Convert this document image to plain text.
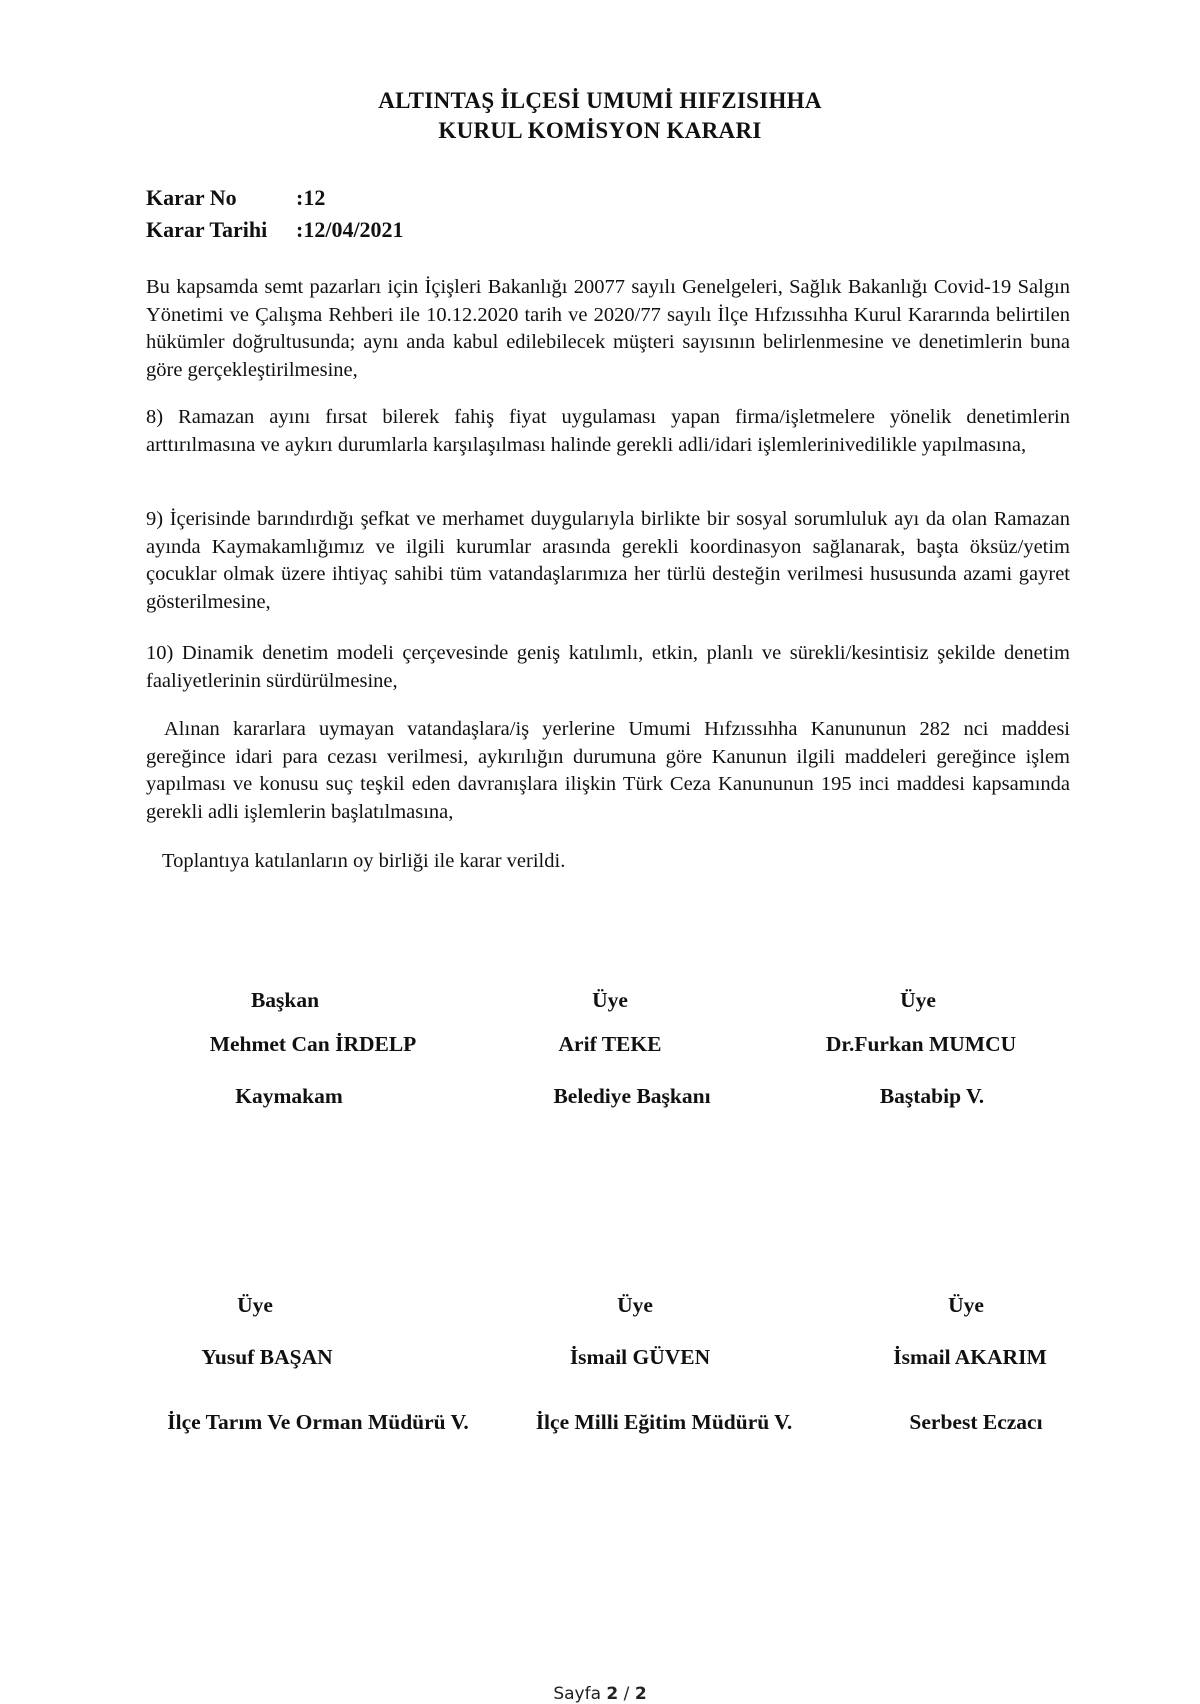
ALTINTAŞ İLÇESİ UMUMİ HIFZISIHHA
KURUL KOMİSYON KARARI
Karar No	:12
Karar Tarihi :12/04/2021

Bu kapsamda semt pazarları için İçişleri Bakanlığı 20077 sayılı Genelgeleri, Sağlık Bakanlığı Covid-19 Salgın Yönetimi ve Çalışma Rehberi ile 10.12.2020 tarih ve 2020/77 sayılı İlçe Hıfzıssıhha Kurul Kararında belirtilen hükümler doğrultusunda; aynı anda kabul edilebilecek müşteri sayısının belirlenmesine ve denetimlerin buna göre gerçekleştirilmesine,

8) Ramazan ayını fırsat bilerek fahiş fiyat uygulaması yapan firma/işletmelere yönelik denetimlerin arttırılmasına ve aykırı durumlarla karşılaşılması halinde gerekli adli/idari işlemlerinivedilikle yapılmasına,

9) İçerisinde barındırdığı şefkat ve merhamet duygularıyla birlikte bir sosyal sorumluluk ayı da olan Ramazan ayında Kaymakamlığımız ve ilgili kurumlar arasında gerekli koordinasyon sağlanarak, başta öksüz/yetim çocuklar olmak üzere ihtiyaç sahibi tüm vatandaşlarımıza her türlü desteğin verilmesi hususunda azami gayret gösterilmesine,

10) Dinamik denetim modeli çerçevesinde geniş katılımlı, etkin, planlı ve sürekli/kesintisiz şekilde denetim faaliyetlerinin sürdürülmesine,

Alınan kararlara uymayan vatandaşlara/iş yerlerine Umumi Hıfzıssıhha Kanununun 282 nci maddesi gereğince idari para cezası verilmesi, aykırılığın durumuna göre Kanunun ilgili maddeleri gereğince işlem yapılması ve konusu suç teşkil eden davranışlara ilişkin Türk Ceza Kanununun 195 inci maddesi kapsamında gerekli adli işlemlerin başlatılmasına,

Toplantıya katılanların oy birliği ile karar verildi.

Başkan	Üye	Üye
Mehmet Can İRDELP	Arif TEKE	Dr.Furkan MUMCU
Kaymakam	Belediye Başkanı	Baştabip V.
Üye	Üye	Üye
Yusuf BAŞAN	İsmail GÜVEN	İsmail AKARIM
İlçe Tarım Ve Orman Müdürü V.	İlçe Milli Eğitim Müdürü V.	Serbest Eczacı
Sayfa 2 / 2
